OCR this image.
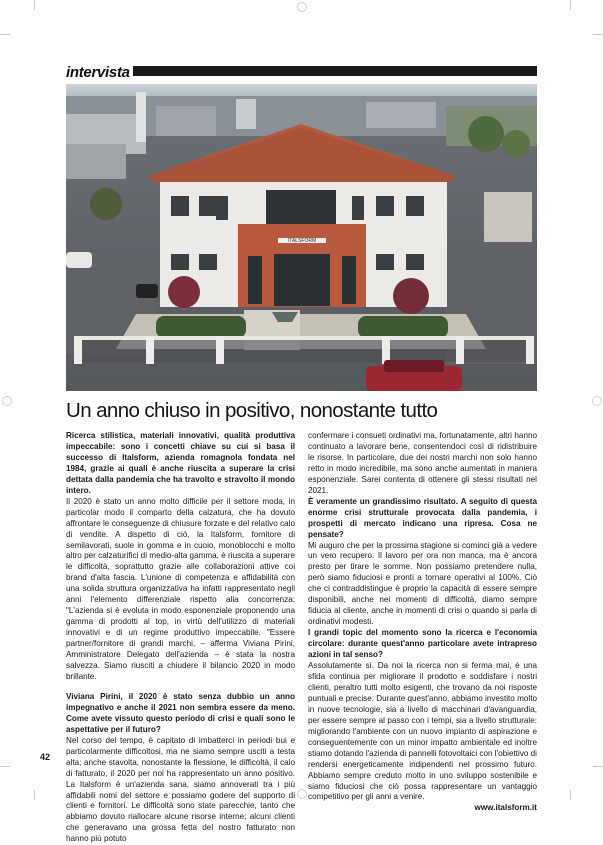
intervista
ITALSFORM
Un anno chiuso in positivo, nonostante tutto

Ricerca stilistica, materiali innovativi, qualità produttiva impeccabile: sono i concetti chiave su cui si basa il successo di Italsform, azienda romagnola fondata nel 1984, grazie ai quali è anche riuscita a superare la crisi dettata dalla pandemia che ha travolto e stravolto il mondo intero.

Il 2020 è stato un anno molto difficile per il settore moda, in particolar modo il comparto della calzatura, che ha dovuto affrontare le conseguenze di chiusure forzate e del relativo calo di vendite. A dispetto di ciò, la Italsform, fornitore di semilavorati, suole in gomma e in cuoio, monoblocchi e molto altro per calzaturifici di medio-alta gamma, è riuscita a superare le difficoltà, soprattutto grazie alle collaborazioni attive coi brand d'alta fascia. L'unione di competenza e affidabilità con una solida struttura organizzativa ha infatti rappresentato negli anni l'elemento differenziale rispetto alla concorrenza: "L'azienda si è evoluta in modo esponenziale proponendo una gamma di prodotti al top, in virtù dell'utilizzo di materiali innovativi e di un regime produttivo impeccabile. "Essere partner/fornitore di grandi marchi, – afferma Viviana Pirini, Amministratore Delegato dell'azienda – è stata la nostra salvezza. Siamo riusciti a chiudere il bilancio 2020 in modo brillante.

Viviana Pirini, il 2020 è stato senza dubbio un anno impegnativo e anche il 2021 non sembra essere da meno. Come avete vissuto questo periodo di crisi e quali sono le aspettative per il futuro?

Nel corso del tempo, è capitato di imbatterci in periodi bui e particolarmente difficoltosi, ma ne siamo sempre usciti a testa alta; anche stavolta, nonostante la flessione, le difficoltà, il calo di fatturato, il 2020 per noi ha rappresentato un anno positivo. La Italsform è un'azienda sana, siamo annoverati tra i più affidabili nomi del settore e possiamo godere del supporto di clienti e fornitori. Le difficoltà sono state parecchie, tanto che abbiamo dovuto riallocare alcune risorse interne; alcuni clienti che generavano una grossa fetta del nostro fatturato non hanno più potuto

confermare i consueti ordinativi ma, fortunatamente, altri hanno continuato a lavorare bene, consentendoci così di ridistribuire le risorse. In particolare, due dei nostri marchi non solo hanno retto in modo incredibile, ma sono anche aumentati in maniera esponenziale. Sarei contenta di ottenere gli stessi risultati nel 2021.

È veramente un grandissimo risultato. A seguito di questa enorme crisi strutturale provocata dalla pandemia, i prospetti di mercato indicano una ripresa. Cosa ne pensate?

Mi auguro che per la prossima stagione si cominci già a vedere un vero recupero. Il lavoro per ora non manca, ma è ancora presto per tirare le somme. Non possiamo pretendere nulla, però siamo fiduciosi e pronti a tornare operativi al 100%. Ciò che ci contraddistingue è proprio la capacità di essere sempre disponibili, anche nei momenti di difficoltà, diamo sempre fiducia al cliente, anche in momenti di crisi o quando si parla di ordinativi modesti.

I grandi topic del momento sono la ricerca e l'economia circolare: durante quest'anno particolare avete intrapreso azioni in tal senso?

Assolutamente sì. Da noi la ricerca non si ferma mai, è una sfida continua per migliorare il prodotto e soddisfare i nostri clienti, peraltro tutti molto esigenti, che trovano da noi risposte puntuali e precise. Durante quest'anno, abbiamo investito molto in nuove tecnologie, sia a livello di macchinari d'avanguardia, per essere sempre al passo con i tempi, sia a livello strutturale: migliorando l'ambiente con un nuovo impianto di aspirazione e conseguentemente con un minor impatto ambientale ed inoltre stiamo dotando l'azienda di pannelli fotovoltaici con l'obiettivo di rendersi energeticamente indipendenti nel prossimo futuro. Abbiamo sempre creduto molto in uno sviluppo sostenibile e siamo fiduciosi che ciò possa rappresentare un vantaggio competitivo per gli anni a venire.

www.italsform.it

42
